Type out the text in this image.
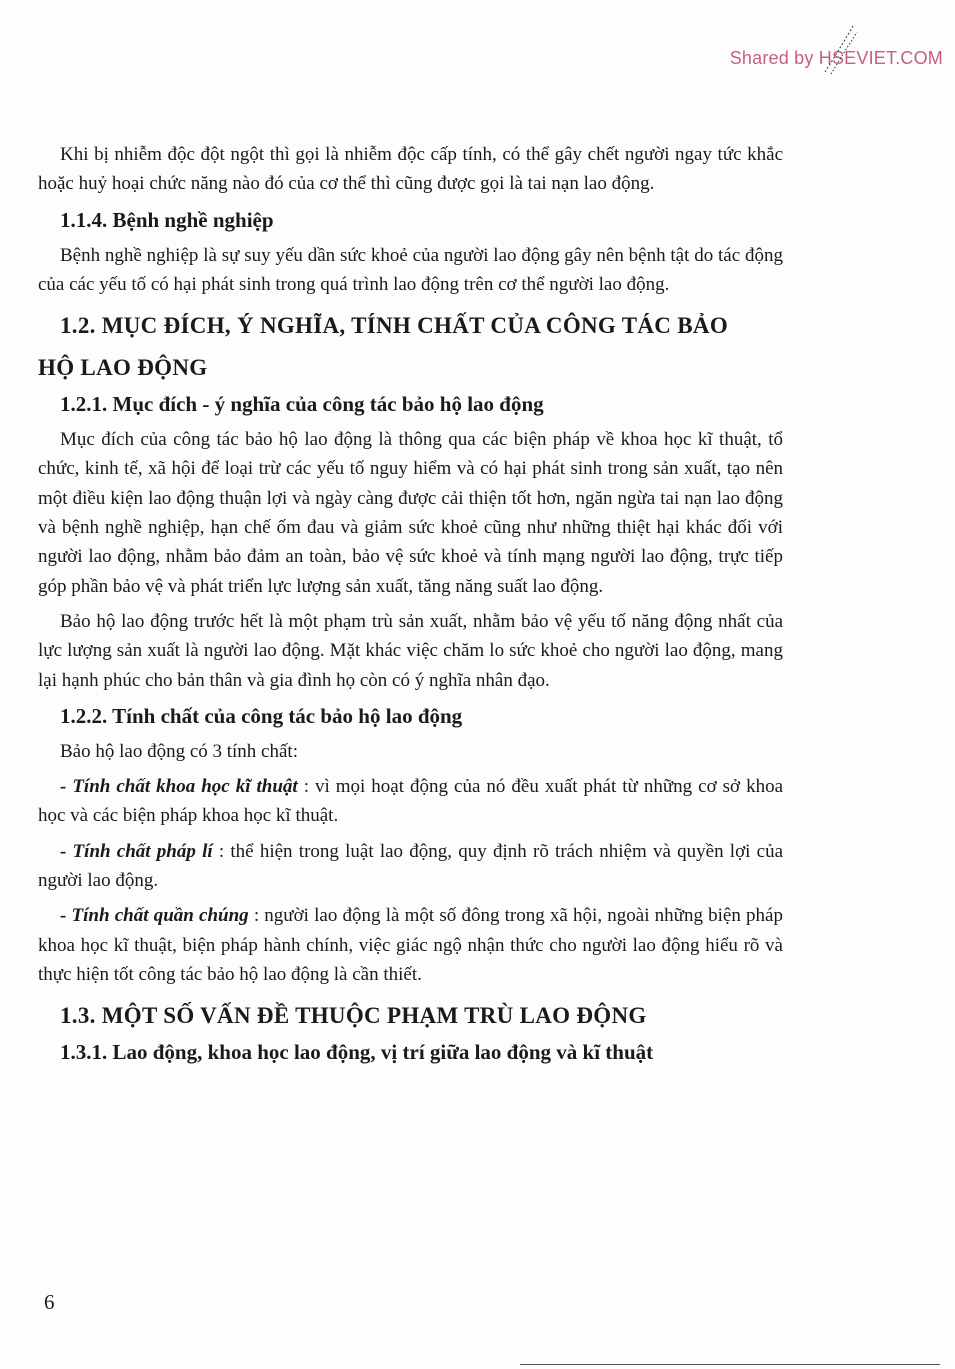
Shared by HSEVIET.COM

Khi bị nhiễm độc đột ngột thì gọi là nhiễm độc cấp tính, có thể gây chết người ngay tức khắc hoặc huỷ hoại chức năng nào đó của cơ thể thì cũng được gọi là tai nạn lao động.

1.1.4. Bệnh nghề nghiệp

Bệnh nghề nghiệp là sự suy yếu dần sức khoẻ của người lao động gây nên bệnh tật do tác động của các yếu tố có hại phát sinh trong quá trình lao động trên cơ thể người lao động.

1.2. MỤC ĐÍCH, Ý NGHĨA, TÍNH CHẤT CỦA CÔNG TÁC BẢO
HỘ LAO ĐỘNG
1.2.1. Mục đích - ý nghĩa của công tác bảo hộ lao động

Mục đích của công tác bảo hộ lao động là thông qua các biện pháp về khoa học kĩ thuật, tổ chức, kinh tế, xã hội để loại trừ các yếu tố nguy hiểm và có hại phát sinh trong sản xuất, tạo nên một điều kiện lao động thuận lợi và ngày càng được cải thiện tốt hơn, ngăn ngừa tai nạn lao động và bệnh nghề nghiệp, hạn chế ốm đau và giảm sức khoẻ cũng như những thiệt hại khác đối với người lao động, nhằm bảo đảm an toàn, bảo vệ sức khoẻ và tính mạng người lao động, trực tiếp góp phần bảo vệ và phát triển lực lượng sản xuất, tăng năng suất lao động.

Bảo hộ lao động trước hết là một phạm trù sản xuất, nhằm bảo vệ yếu tố năng động nhất của lực lượng sản xuất là người lao động. Mặt khác việc chăm lo sức khoẻ cho người lao động, mang lại hạnh phúc cho bản thân và gia đình họ còn có ý nghĩa nhân đạo.

1.2.2. Tính chất của công tác bảo hộ lao động

Bảo hộ lao động có 3 tính chất:

- Tính chất khoa học kĩ thuật : vì mọi hoạt động của nó đều xuất phát từ những cơ sở khoa học và các biện pháp khoa học kĩ thuật.

- Tính chất pháp lí : thể hiện trong luật lao động, quy định rõ trách nhiệm và quyền lợi của người lao động.

- Tính chất quần chúng : người lao động là một số đông trong xã hội, ngoài những biện pháp khoa học kĩ thuật, biện pháp hành chính, việc giác ngộ nhận thức cho người lao động hiểu rõ và thực hiện tốt công tác bảo hộ lao động là cần thiết.

1.3. MỘT SỐ VẤN ĐỀ THUỘC PHẠM TRÙ LAO ĐỘNG
1.3.1. Lao động, khoa học lao động, vị trí giữa lao động và kĩ thuật
6
